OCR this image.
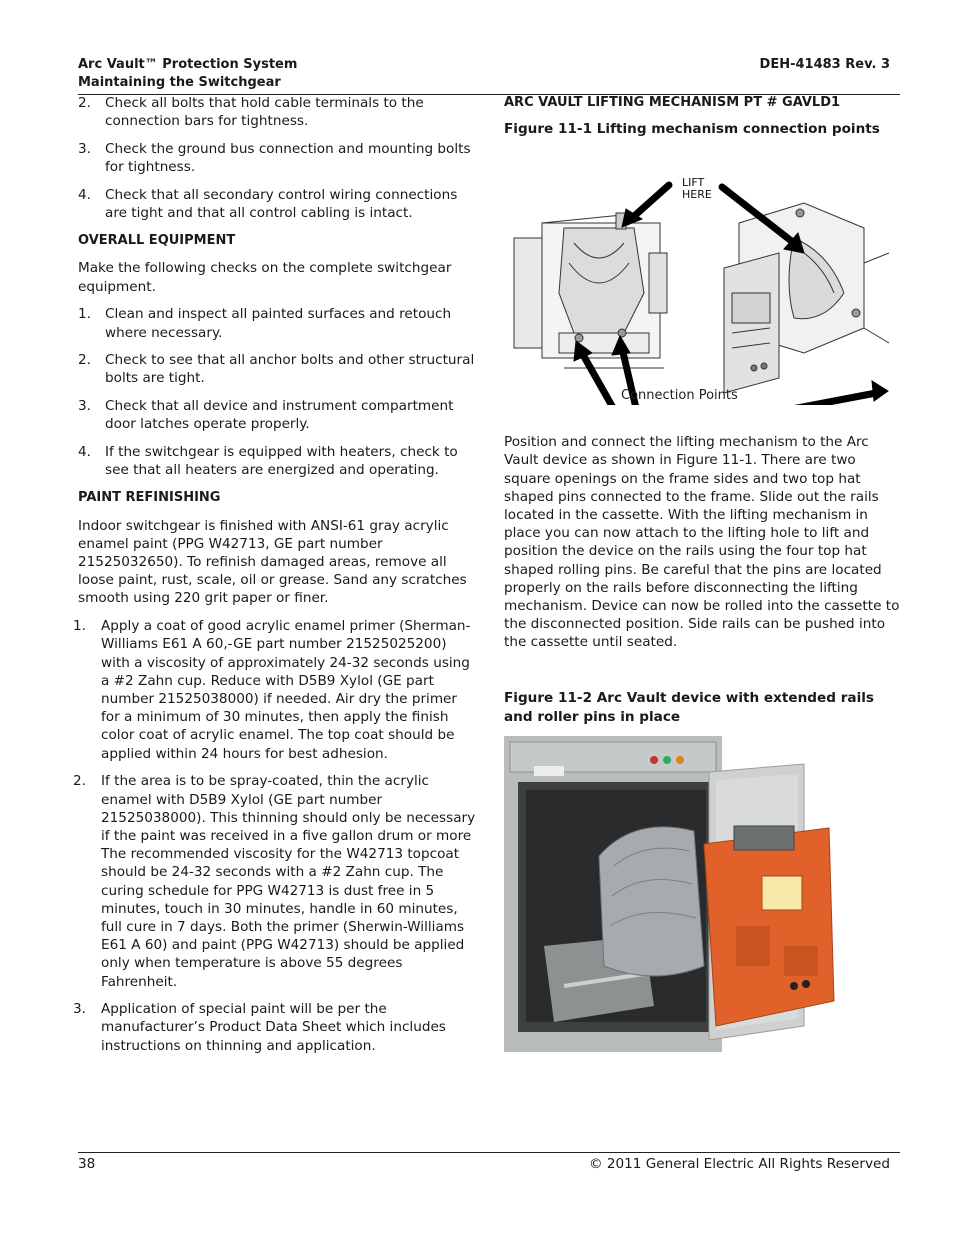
Arc Vault™ Protection System
Maintaining the Switchgear
DEH-41483 Rev. 3
2. Check all bolts that hold cable terminals to the connection bars for tightness.
3. Check the ground bus connection and mounting bolts for tightness.
4. Check that all secondary control wiring connections are tight and that all control cabling is intact.
OVERALL EQUIPMENT
Make the following checks on the complete switchgear equipment.
1. Clean and inspect all painted surfaces and retouch where necessary.
2. Check to see that all anchor bolts and other structural bolts are tight.
3. Check that all device and instrument compartment door latches operate properly.
4. If the switchgear is equipped with heaters, check to see that all heaters are energized and operating.
PAINT REFINISHING
Indoor switchgear is finished with ANSI-61 gray acrylic enamel paint (PPG W42713, GE part number 21525032650). To refinish damaged areas, remove all loose paint, rust, scale, oil or grease. Sand any scratches smooth using 220 grit paper or finer.
1. Apply a coat of good acrylic enamel primer (Sherman-Williams E61 A 60,-GE part number 21525025200) with a viscosity of approximately 24-32 seconds using a #2 Zahn cup. Reduce with D5B9 Xylol (GE part number 21525038000) if needed. Air dry the primer for a minimum of 30 minutes, then apply the finish color coat of acrylic enamel. The top coat should be applied within 24 hours for best adhesion.
2. If the area is to be spray-coated, thin the acrylic enamel with D5B9 Xylol (GE part number 21525038000). This thinning should only be necessary if the paint was received in a five gallon drum or more The recommended viscosity for the W42713 topcoat should be 24-32 seconds with a #2 Zahn cup. The curing schedule for PPG W42713 is dust free in 5 minutes, touch in 30 minutes, handle in 60 minutes, full cure in 7 days. Both the primer (Sherwin-Williams E61 A 60) and paint (PPG W42713) should be applied only when temperature is above 55 degrees Fahrenheit.
3. Application of special paint will be per the manufacturer’s Product Data Sheet which includes instructions on thinning and application.
ARC VAULT LIFTING MECHANISM PT # GAVLD1
Figure 11-1 Lifting mechanism connection points
LIFT
HERE
Connection Points
Position and connect the lifting mechanism to the Arc Vault device as shown in Figure 11-1. There are two square openings on the frame sides and two top hat shaped pins connected to the frame. Slide out the rails located in the cassette. With the lifting mechanism in place you can now attach to the lifting hole to lift and position the device on the rails using the four top hat shaped rolling pins. Be careful that the pins are located properly on the rails before disconnecting the lifting mechanism. Device can now be rolled into the cassette to the disconnected position. Side rails can be pushed into the cassette until seated.
Figure 11-2 Arc Vault device with extended rails and roller pins in place
38	© 2011 General Electric All Rights Reserved
